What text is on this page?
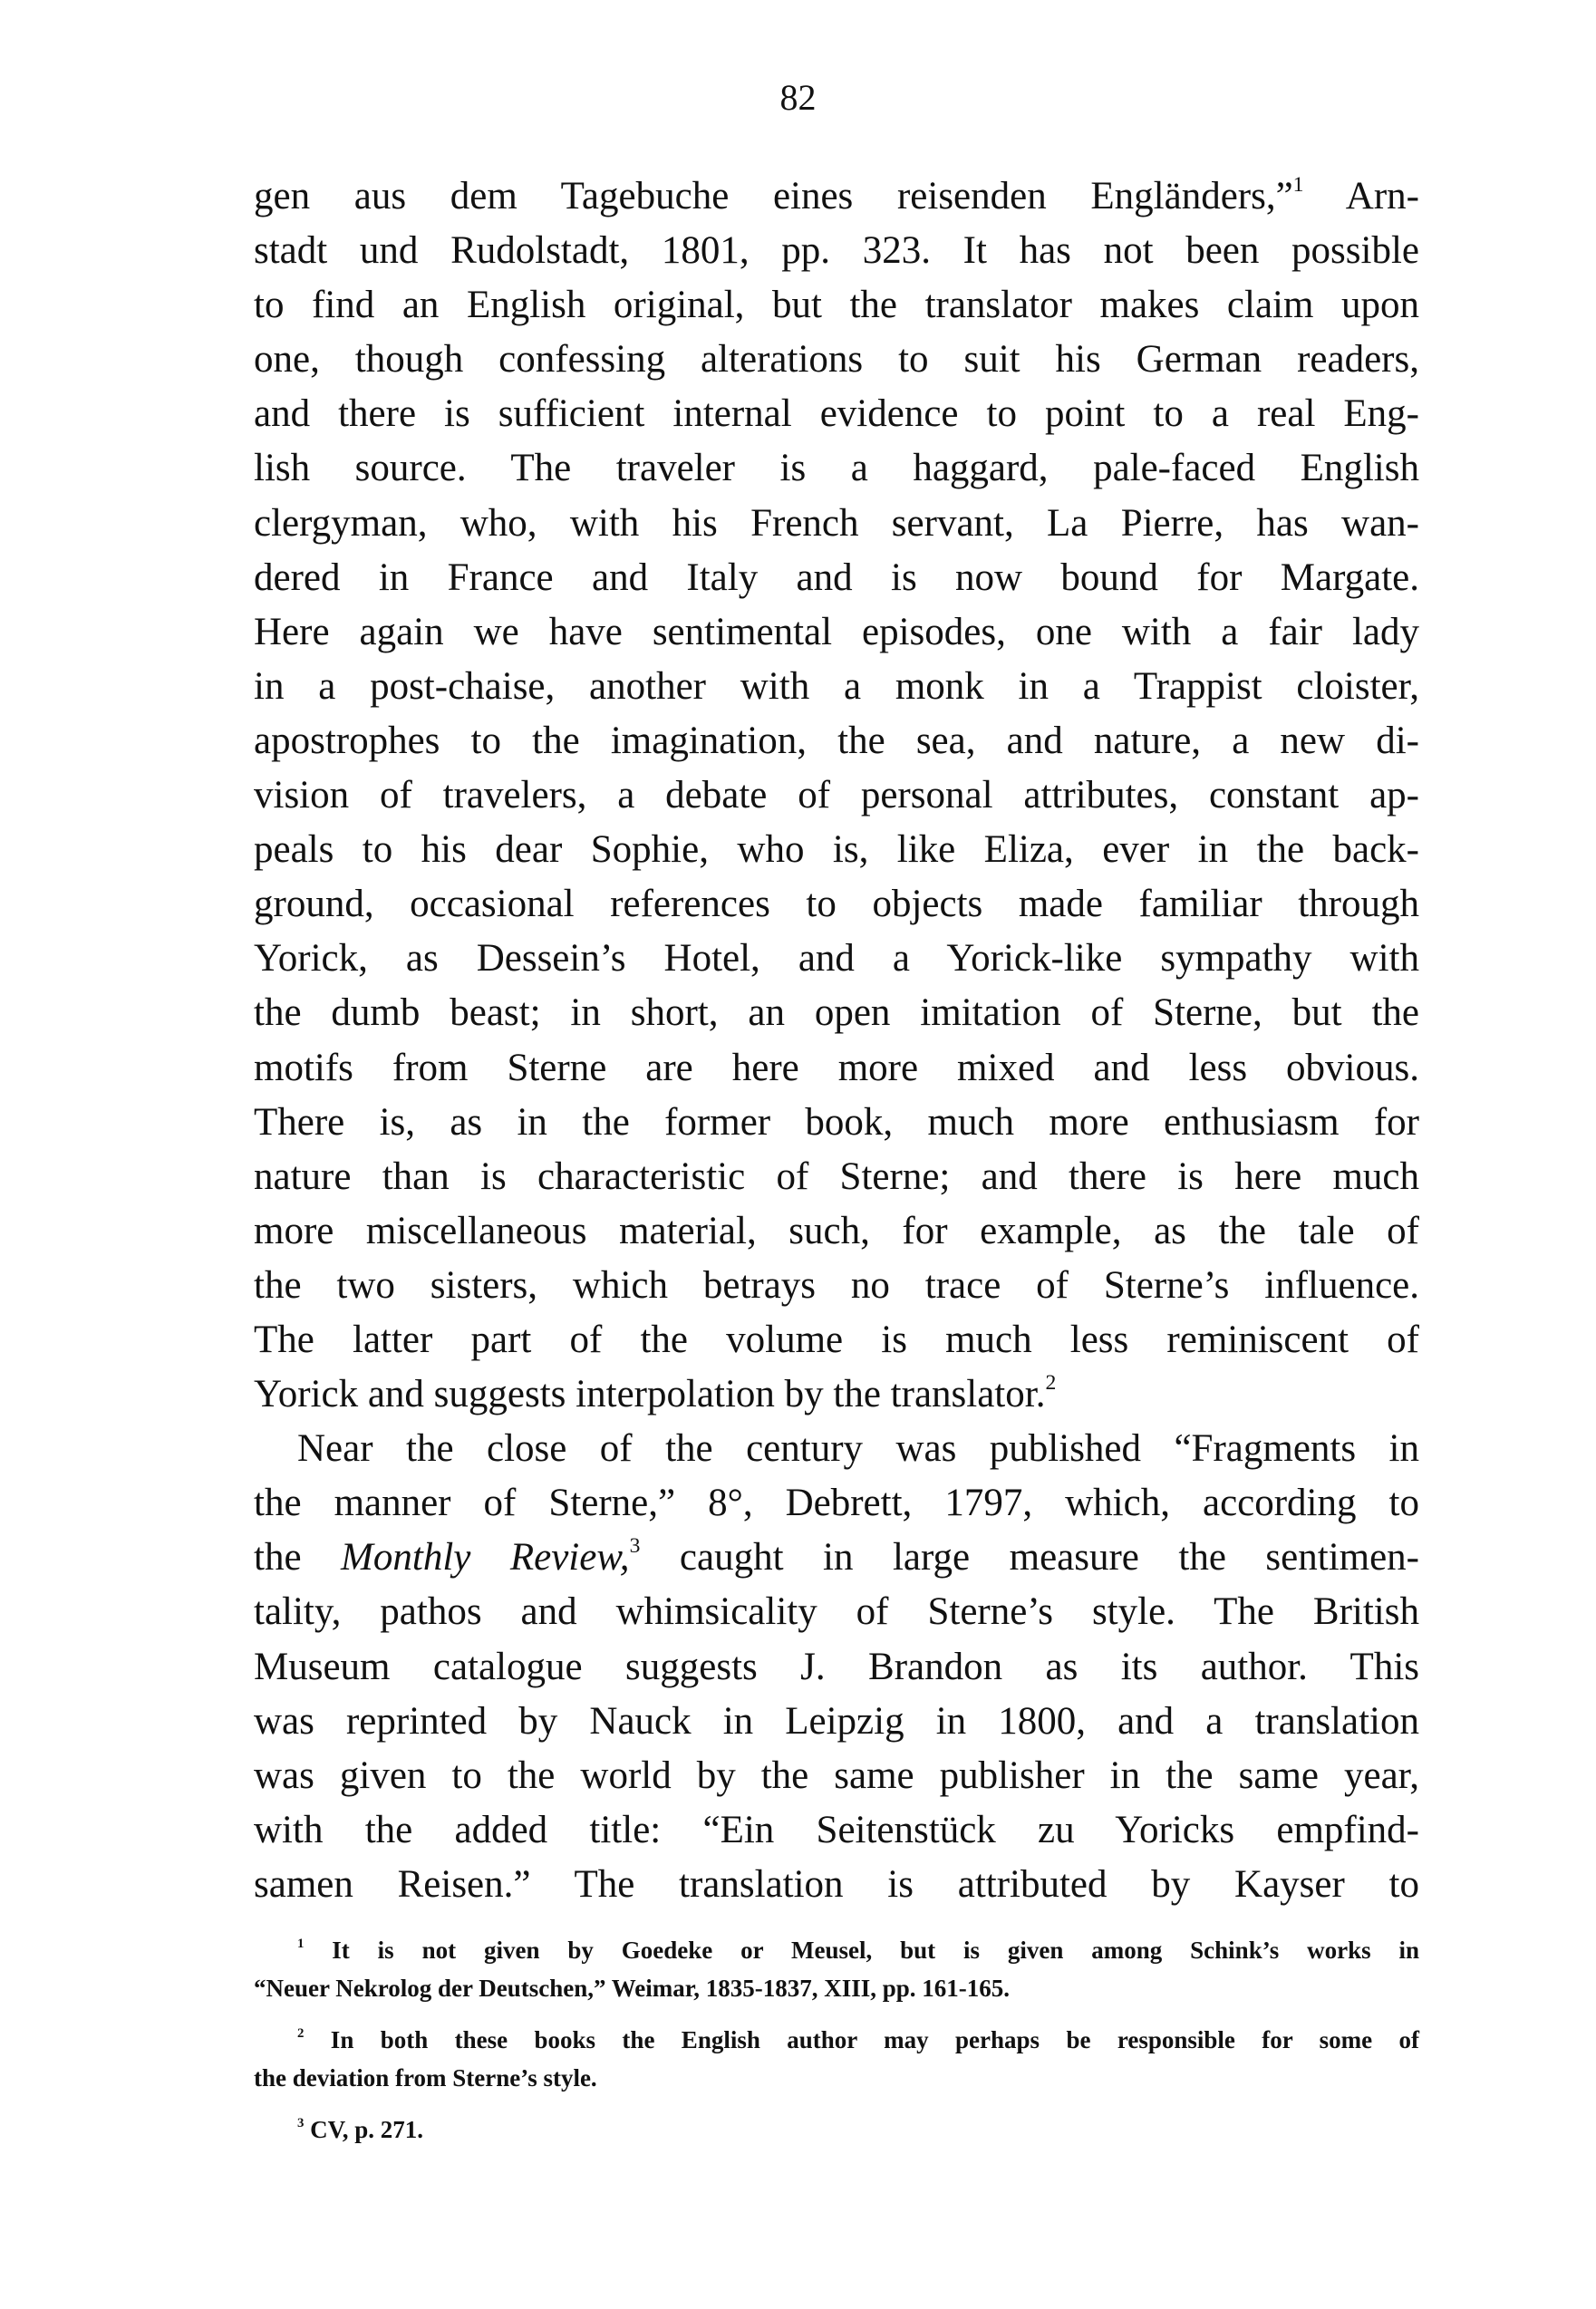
82
gen aus dem Tagebuche eines reisenden Engländers,”$^1$ Arn-
stadt und Rudolstadt, 1801, pp. 323. It has not been possible
to find an English original, but the translator makes claim upon
one, though confessing alterations to suit his German readers,
and there is sufficient internal evidence to point to a real Eng-
lish source. The traveler is a haggard, pale-faced English
clergyman, who, with his French servant, La Pierre, has wan-
dered in France and Italy and is now bound for Margate.
Here again we have sentimental episodes, one with a fair lady
in a post-chaise, another with a monk in a Trappist cloister,
apostrophes to the imagination, the sea, and nature, a new di-
vision of travelers, a debate of personal attributes, constant ap-
peals to his dear Sophie, who is, like Eliza, ever in the back-
ground, occasional references to objects made familiar through
Yorick, as Dessein’s Hotel, and a Yorick-like sympathy with
the dumb beast; in short, an open imitation of Sterne, but the
motifs from Sterne are here more mixed and less obvious.
There is, as in the former book, much more enthusiasm for
nature than is characteristic of Sterne; and there is here much
more miscellaneous material, such, for example, as the tale of
the two sisters, which betrays no trace of Sterne’s influence.
The latter part of the volume is much less reminiscent of
Yorick and suggests interpolation by the translator.$^2$
Near the close of the century was published “Fragments in
the manner of Sterne,” 8°, Debrett, 1797, which, according to
the Monthly Review,$^3$ caught in large measure the sentimen-
tality, pathos and whimsicality of Sterne’s style. The British
Museum catalogue suggests J. Brandon as its author. This
was reprinted by Nauck in Leipzig in 1800, and a translation
was given to the world by the same publisher in the same year,
with the added title: “Ein Seitenstück zu Yoricks empfind-
samen Reisen.” The translation is attributed by Kayser to
$^1$ It is not given by Goedeke or Meusel, but is given among Schink’s works in
“Neuer Nekrolog der Deutschen,” Weimar, 1835-1837, XIII, pp. 161-165.
$^2$ In both these books the English author may perhaps be responsible for some of
the deviation from Sterne’s style.
$^3$ CV, p. 271.
